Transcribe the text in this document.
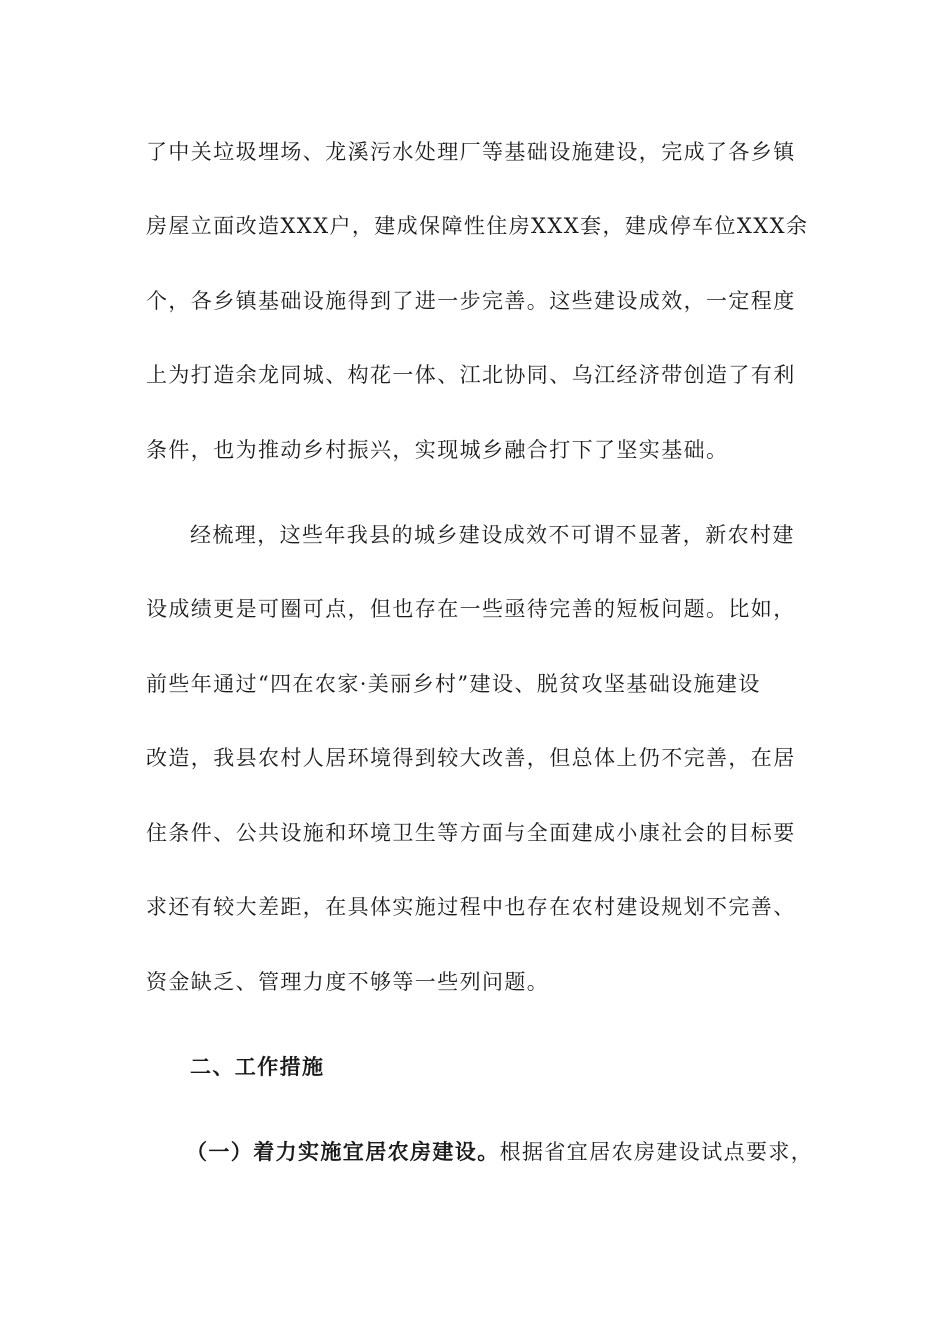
了中关垃圾埋场、龙溪污水处理厂等基础设施建设，完成了各乡镇
房屋立面改造XXX户，建成保障性住房XXX套，建成停车位XXX余
个，各乡镇基础设施得到了进一步完善。这些建设成效，一定程度
上为打造余龙同城、构花一体、江北协同、乌江经济带创造了有利
条件，也为推动乡村振兴，实现城乡融合打下了坚实基础。
经梳理，这些年我县的城乡建设成效不可谓不显著，新农村建
设成绩更是可圈可点，但也存在一些亟待完善的短板问题。比如，
前些年通过“四在农家·美丽乡村”建设、脱贫攻坚基础设施建设
改造，我县农村人居环境得到较大改善，但总体上仍不完善，在居
住条件、公共设施和环境卫生等方面与全面建成小康社会的目标要
求还有较大差距，在具体实施过程中也存在农村建设规划不完善、
资金缺乏、管理力度不够等一些列问题。
二、工作措施
（一）着力实施宜居农房建设。根据省宜居农房建设试点要求，
